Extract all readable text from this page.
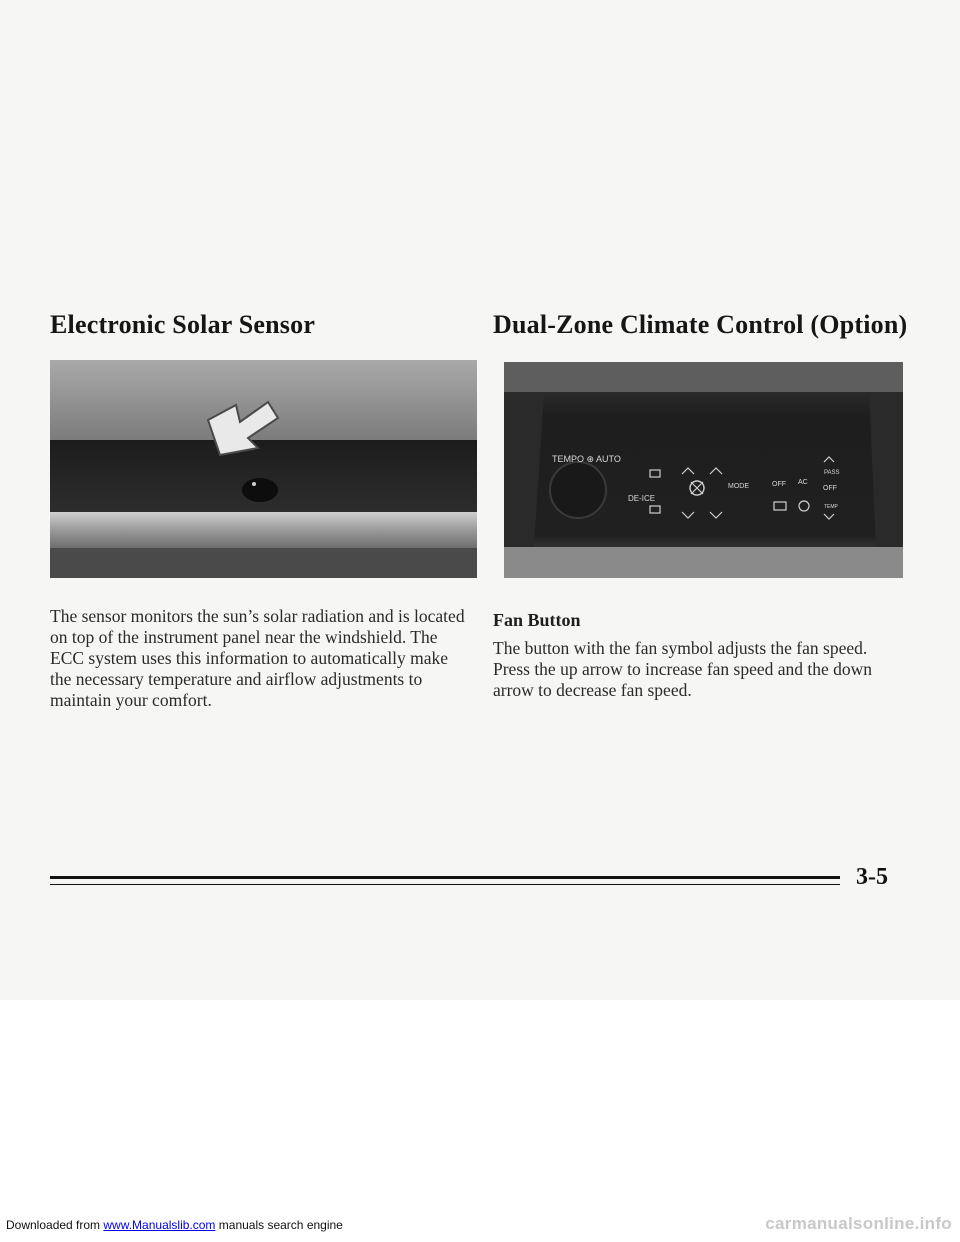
Electronic Solar Sensor
The sensor monitors the sun’s solar radiation and is located on top of the instrument panel near the windshield. The ECC system uses this information to automatically make the necessary temperature and airflow adjustments to maintain your comfort.
Dual-Zone Climate Control (Option)
TEMPO ⊕ AUTO
DE-ICE
MODE	OFF AC
PASS
OFF
TEMP
Fan Button
The button with the fan symbol adjusts the fan speed. Press the up arrow to increase fan speed and the down arrow to decrease fan speed.
3-5
Downloaded from www.Manualslib.com manuals search engine	carmanualsonline.info
